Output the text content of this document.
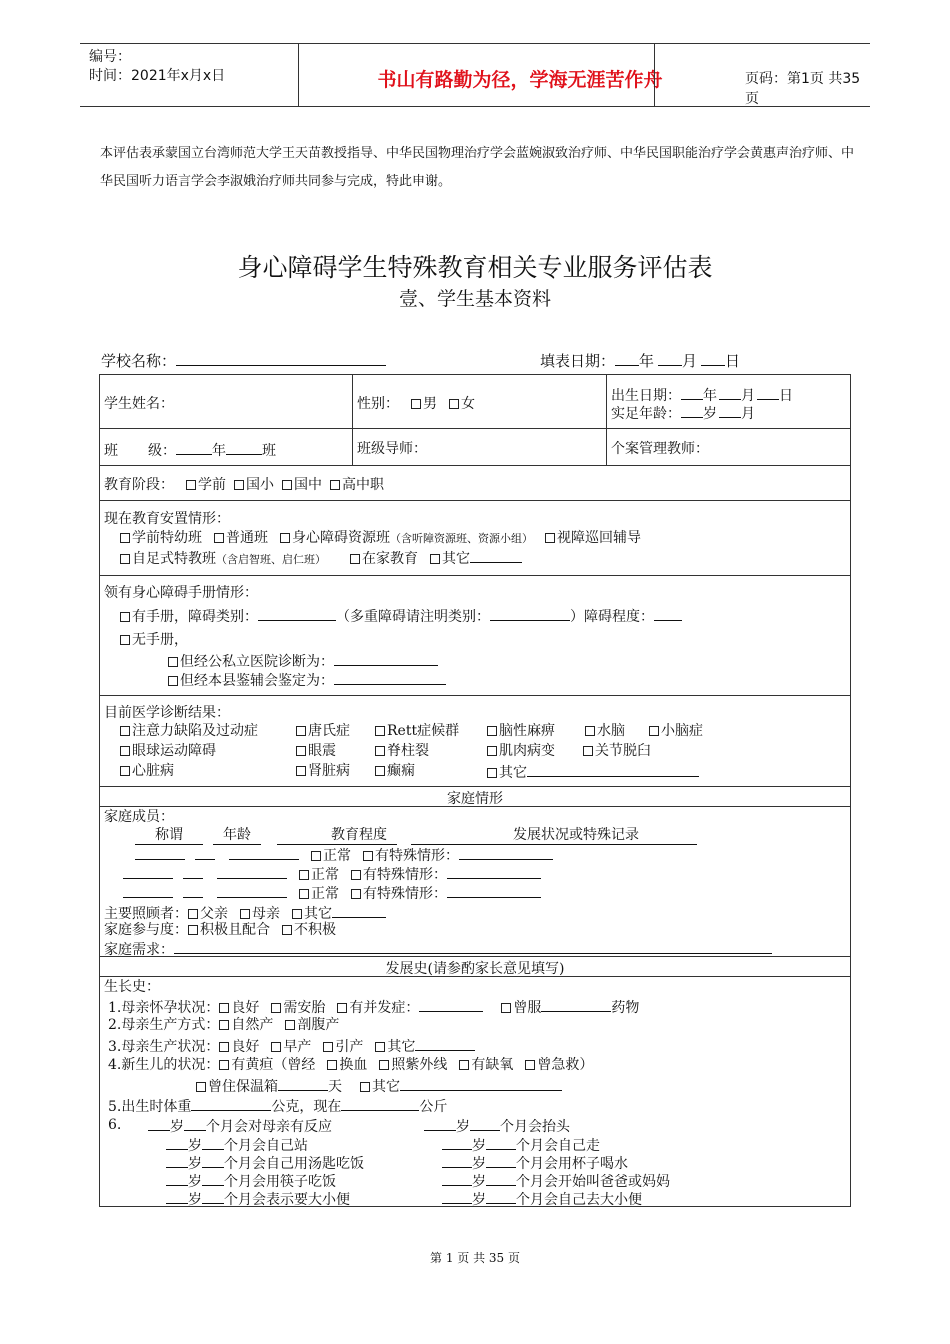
编号：
时间：2021年x月x日	书山有路勤为径，学海无涯苦作舟	页码：第1页 共35页
本评估表承蒙国立台湾师范大学王天苗教授指导、中华民国物理治疗学会蓝婉淑致治疗师、中华民国职能治疗学会黄惠声治疗师、中华民国听力语言学会李淑娥治疗师共同参与完成，特此申谢。
身心障碍学生特殊教育相关专业服务评估表
壹、学生基本资料
学校名称：	填表日期： 年 月 日
学生姓名：	性别： 男 女	出生日期： 年 月 日
实足年龄： 岁 月
班 级：	年	班	班级导师：	个案管理教师：
教育阶段： 学前 国小 国中 高中职
现在教育安置情形：
学前特幼班 普通班 身心障碍资源班（含听障资源班、资源小组） 视障巡回辅导
自足式特教班（含启智班、启仁班）	在家教育 其它
领有身心障碍手册情形：
有手册，障碍类别：	（多重障碍请注明类别：	）障碍程度：
无手册，
但经公私立医院诊断为：
但经本县鉴辅会鉴定为：
目前医学诊断结果：
注意力缺陷及过动症	唐氏症	Rett症候群	脑性麻痹	水脑	小脑症
眼球运动障碍	眼震	脊柱裂	肌肉病变	关节脱臼
心脏病	肾脏病	癫痫	其它
家庭情形
家庭成员：
称谓	年龄	教育程度	发展状况或特殊记录
正常 有特殊情形：
正常 有特殊情形：
正常 有特殊情形：
主要照顾者： 父亲 母亲 其它
家庭参与度： 积极且配合 不积极
家庭需求：
发展史(请参酌家长意见填写)
生长史：
1.母亲怀孕状况： 良好 需安胎 有并发症：	曾服	药物
2.母亲生产方式： 自然产 剖腹产
3.母亲生产状况： 良好 早产 引产 其它
4.新生儿的状况： 有黄疸（曾经 换血 照紫外线 有缺氧 曾急救）
曾住保温箱	天 其它
5.出生时体重	公克，现在	公斤
6.	岁 个月会对母亲有反应	岁 个月会抬头
岁 个月会自己站	岁 个月会自己走
岁 个月会自己用汤匙吃饭	岁 个月会用杯子喝水
岁 个月会用筷子吃饭	岁 个月会开始叫爸爸或妈妈
岁 个月会表示要大小便	岁 个月会自己去大小便
第 1 页 共 35 页
